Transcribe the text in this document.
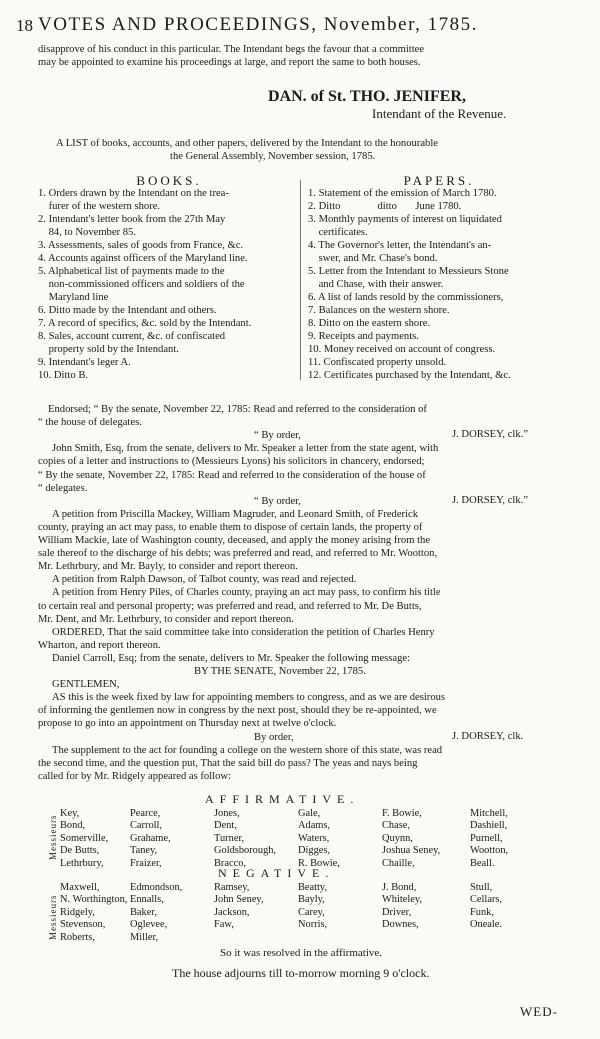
18 VOTES AND PROCEEDINGS, November, 1785.
disapprove of his conduct in this particular. The Intendant begs the favour that a committee
may be appointed to examine his proceedings at large, and report the same to both houses.
DAN. of St. THO. JENIFER,
Intendant of the Revenue.
A LIST of books, accounts, and other papers, delivered by the Intendant to the honourable
the General Assembly, November session, 1785.
BOOKS.
1. Orders drawn by the Intendant on the trea-
furer of the western shore.
2. Intendant's letter book from the 27th May
84, to November 85.
3. Assessments, sales of goods from France, &c.
4. Accounts against officers of the Maryland line.
5. Alphabetical list of payments made to the
non-commissioned officers and soldiers of the
Maryland line
6. Ditto made by the Intendant and others.
7. A record of specifics, &c. sold by the Intendant.
8. Sales, account current, &c. of confiscated
property sold by the Intendant.
9. Intendant's leger A.
10. Ditto B.
PAPERS.
1. Statement of the emission of March 1780.
2. Ditto              ditto       June 1780.
3. Monthly payments of interest on liquidated
certificates.
4. The Governor's letter, the Intendant's an-
swer, and Mr. Chase's bond.
5. Letter from the Intendant to Messieurs Stone
and Chase, with their answer.
6. A list of lands resold by the commissioners,
7. Balances on the western shore.
8. Ditto on the eastern shore.
9. Receipts and payments.
10. Money received on account of congress.
11. Confiscated property unsold.
12. Certificates purchased by the Intendant, &c.
Endorsed; “ By the senate, November 22, 1785: Read and referred to the consideration of
“ the house of delegates.
“ By order,	J. DORSEY, clk.”
John Smith, Esq, from the senate, delivers to Mr. Speaker a letter from the state agent, with
copies of a letter and instructions to (Messieurs Lyons) his solicitors in chancery, endorsed;
“ By the senate, November 22, 1785: Read and referred to the consideration of the house of
“ delegates.
“ By order,	J. DORSEY, clk.”
A petition from Priscilla Mackey, William Magruder, and Leonard Smith, of Frederick
county, praying an act may pass, to enable them to dispose of certain lands, the property of
William Mackie, late of Washington county, deceased, and apply the money arising from the
sale thereof to the discharge of his debts; was preferred and read, and referred to Mr. Wootton,
Mr. Lethrbury, and Mr. Bayly, to consider and report thereon.
A petition from Ralph Dawson, of Talbot county, was read and rejected.
A petition from Henry Piles, of Charles county, praying an act may pass, to confirm his title
to certain real and personal property; was preferred and read, and referred to Mr. De Butts,
Mr. Dent, and Mr. Lethrbury, to consider and report thereon.
ORDERED, That the said committee take into consideration the petition of Charles Henry
Wharton, and report thereon.
Daniel Carroll, Esq; from the senate, delivers to Mr. Speaker the following message:
BY THE SENATE, November 22, 1785.
GENTLEMEN,
AS this is the week fixed by law for appointing members to congress, and as we are desirous
of informing the gentlemen now in congress by the next post, should they be re-appointed, we
propose to go into an appointment on Thursday next at twelve o'clock.
By order,	J. DORSEY, clk.
The supplement to the act for founding a college on the western shore of this state, was read
the second time, and the question put, That the said bill do pass? The yeas and nays being
called for by Mr. Ridgely appeared as follow:
AFFIRMATIVE.
Messieurs
Key,	Pearce,	Jones,	Gale,	F. Bowie,	Mitchell,
Bond,	Carroll,	Dent,	Adams,	Chase,	Dashiell,
Somerville, Grahame,	Turner,	Waters,	Quynn,	Purnell,
De Butts,	Taney,	Goldsborough, Digges,	Joshua Seney,	Wootton,
Lethrbury,	Fraizer,	Bracco,	R. Bowie,	Chaille,	Beall.
NEGATIVE.
Messieurs
Maxwell,	Edmondson,	Ramsey,	Beatty,	J. Bond,	Stull,
N. Worthington, Ennalls,	John Seney,	Bayly,	Whiteley,	Cellars,
Ridgely,	Baker,	Jackson,	Carey,	Driver,	Funk,
Stevenson, Oglevee,	Faw,	Norris,	Downes,	Oneale.
Roberts,	Miller,
So it was resolved in the affirmative.
The house adjourns till to-morrow morning 9 o'clock.
WED-
